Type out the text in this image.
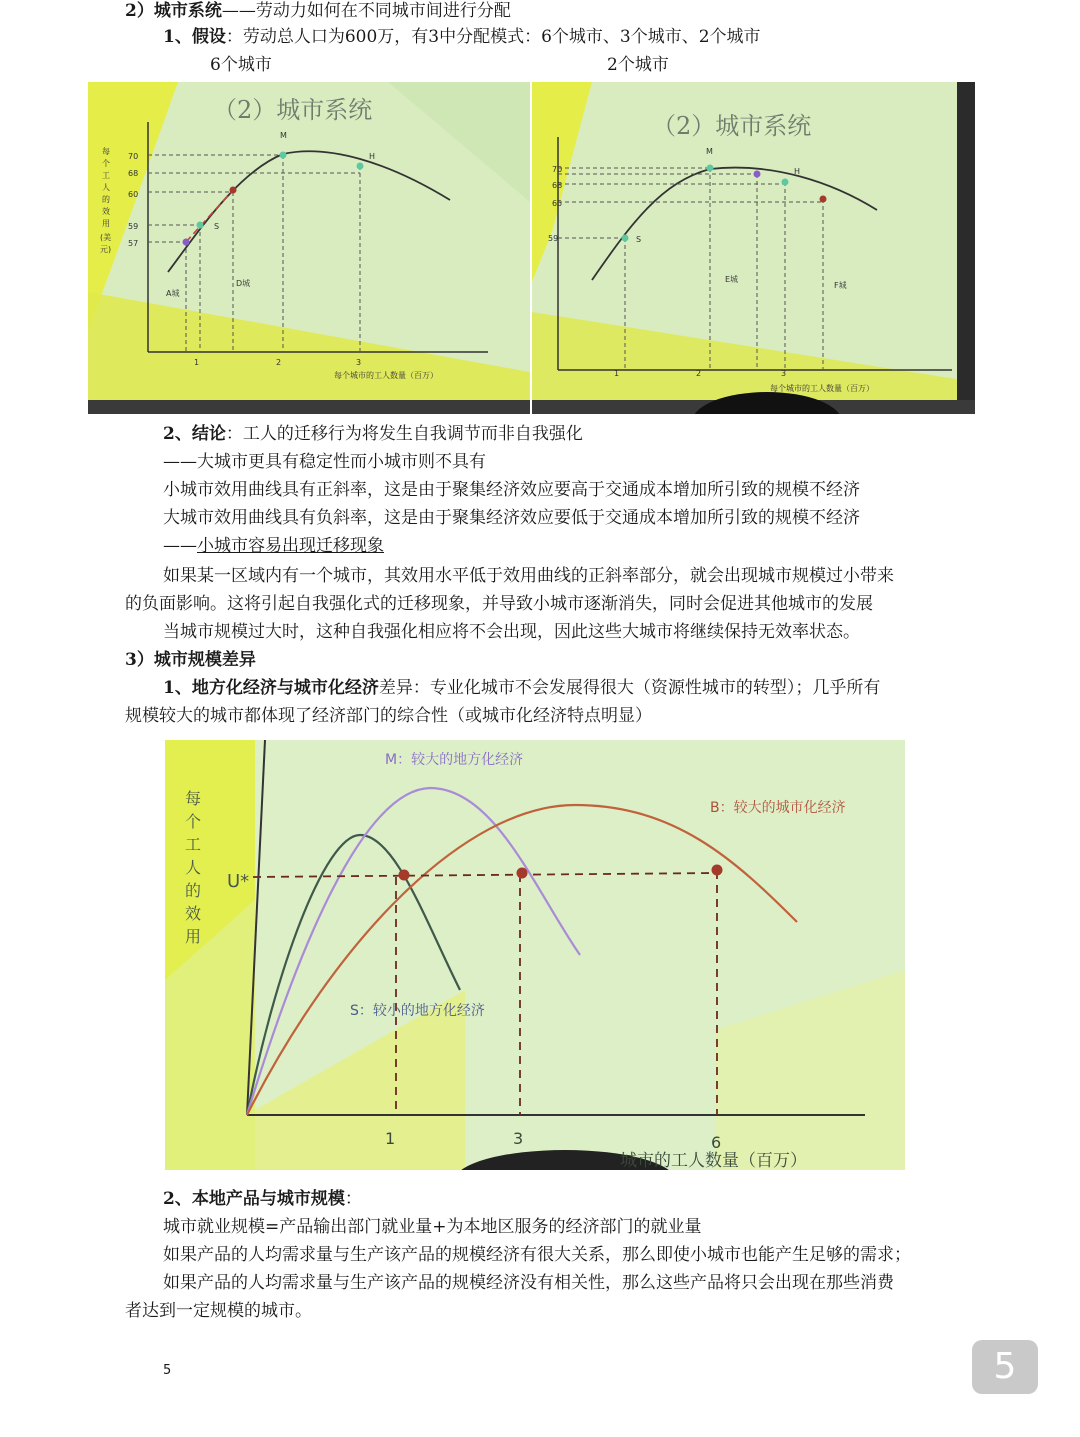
2）城市系统——劳动力如何在不同城市间进行分配
1、假设：劳动总人口为600万，有3中分配模式：6个城市、3个城市、2个城市
6个城市	2个城市
（2）城市系统
每
个
工
人
的
效
用
(美
元)
70
68
60
59
57
M
H
S
A城
D城
1	2	3
每个城市的工人数量（百万）
（2）城市系统
70
68
65
59
M
H
S
E城
F城
1	2	3
每个城市的工人数量（百万）
2、结论：工人的迁移行为将发生自我调节而非自我强化
——大城市更具有稳定性而小城市则不具有
小城市效用曲线具有正斜率，这是由于聚集经济效应要高于交通成本增加所引致的规模不经济
大城市效用曲线具有负斜率，这是由于聚集经济效应要低于交通成本增加所引致的规模不经济
——小城市容易出现迁移现象
如果某一区域内有一个城市，其效用水平低于效用曲线的正斜率部分，就会出现城市规模过小带来
的负面影响。这将引起自我强化式的迁移现象，并导致小城市逐渐消失，同时会促进其他城市的发展
当城市规模过大时，这种自我强化相应将不会出现，因此这些大城市将继续保持无效率状态。
3）城市规模差异
1、地方化经济与城市化经济差异：专业化城市不会发展得很大（资源性城市的转型）；几乎所有
规模较大的城市都体现了经济部门的综合性（或城市化经济特点明显）
每
个
工
人
的
效
用
U*
M：较大的地方化经济
B：较大的城市化经济
S：较小的地方化经济
1	3	6
城市的工人数量（百万）
2、本地产品与城市规模：
城市就业规模=产品输出部门就业量+为本地区服务的经济部门的就业量
如果产品的人均需求量与生产该产品的规模经济有很大关系，那么即使小城市也能产生足够的需求；
如果产品的人均需求量与生产该产品的规模经济没有相关性，那么这些产品将只会出现在那些消费
者达到一定规模的城市。
5	5
